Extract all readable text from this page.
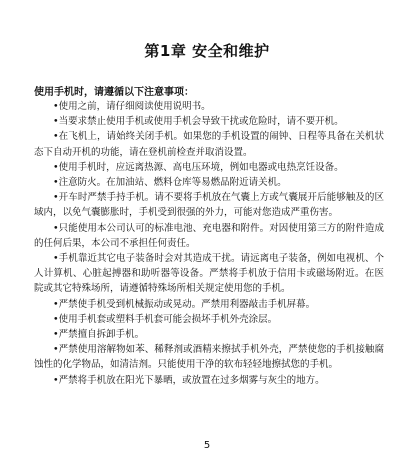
第1章 安全和维护
使用手机时，请遵循以下注意事项：

•使用之前，请仔细阅读使用说明书。

•当要求禁止使用手机或使用手机会导致干扰或危险时，请不要开机。

•在飞机上，请始终关闭手机。如果您的手机设置的闹钟、日程等具备在关机状态下自动开机的功能，请在登机前检查并取消设置。

•使用手机时，应远离热源、高电压环境，例如电器或电热烹饪设备。

•注意防火。在加油站、燃料仓库等易燃品附近请关机。

•开车时严禁手持手机。请不要将手机放在气囊上方或气囊展开后能够触及的区域内，以免气囊膨胀时，手机受到很强的外力，可能对您造成严重伤害。

•只能使用本公司认可的标准电池、充电器和附件。对因使用第三方的附件造成的任何后果，本公司不承担任何责任。

•手机靠近其它电子装备时会对其造成干扰。请远离电子装备，例如电视机、个人计算机、心脏起搏器和助听器等设备。严禁将手机放于信用卡或磁场附近。在医院或其它特殊场所，请遵循特殊场所相关规定使用您的手机。

•严禁使手机受到机械振动或晃动。严禁用利器敲击手机屏幕。

•使用手机套或塑料手机套可能会损坏手机外壳涂层。

•严禁擅自拆卸手机。

•严禁使用溶解物如苯、稀释剂或酒精来擦拭手机外壳，严禁使您的手机接触腐蚀性的化学物品，如清洁剂。只能使用干净的软布轻轻地擦拭您的手机。

•严禁将手机放在阳光下暴晒，或放置在过多烟雾与灰尘的地方。

5
